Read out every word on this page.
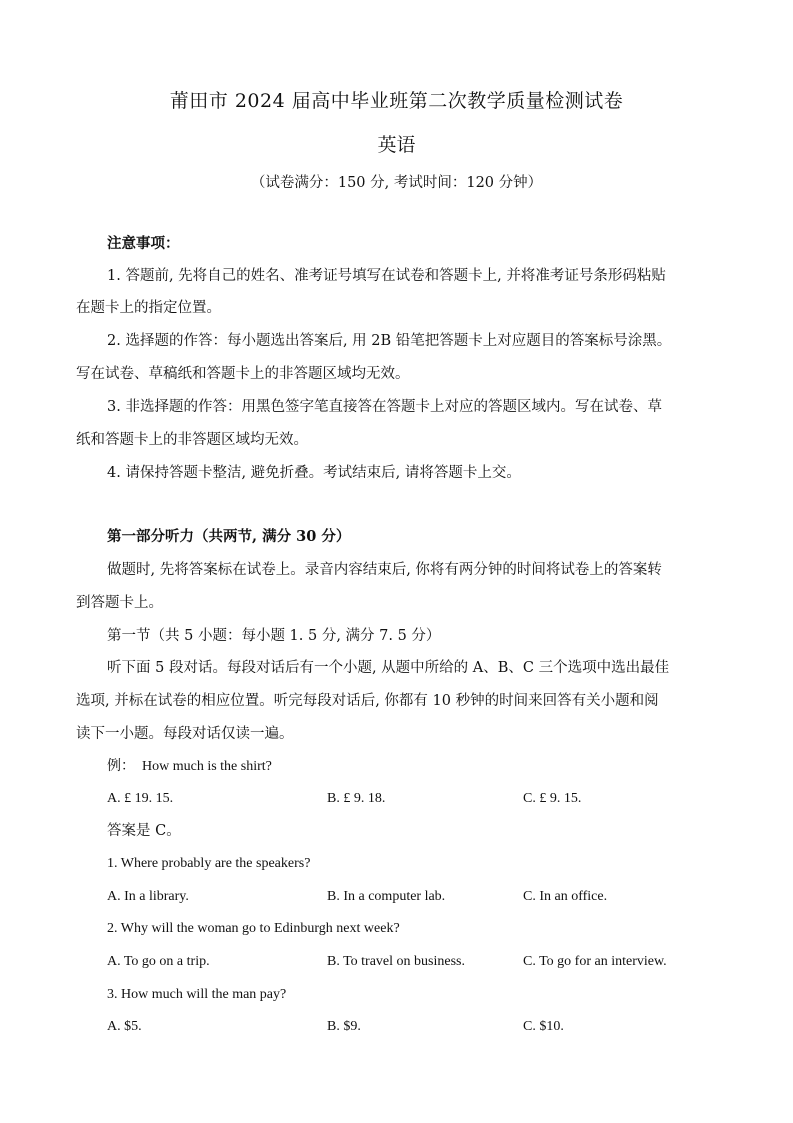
莆田市 2024 届高中毕业班第二次教学质量检测试卷
英语
（试卷满分：150 分, 考试时间：120 分钟）
注意事项：
1. 答题前, 先将自己的姓名、准考证号填写在试卷和答题卡上, 并将准考证号条形码粘贴
在题卡上的指定位置。
2. 选择题的作答：每小题选出答案后, 用 2B 铅笔把答题卡上对应题目的答案标号涂黑。
写在试卷、草稿纸和答题卡上的非答题区域均无效。
3. 非选择题的作答：用黑色签字笔直接答在答题卡上对应的答题区域内。写在试卷、草
纸和答题卡上的非答题区域均无效。
4. 请保持答题卡整洁, 避免折叠。考试结束后, 请将答题卡上交。
第一部分听力（共两节, 满分 30 分）
做题时, 先将答案标在试卷上。录音内容结束后, 你将有两分钟的时间将试卷上的答案转
到答题卡上。
第一节（共 5 小题：每小题 1. 5 分, 满分 7. 5 分）
听下面 5 段对话。每段对话后有一个小题, 从题中所给的 A、B、C 三个选项中选出最佳
选项, 并标在试卷的相应位置。听完每段对话后, 你都有 10 秒钟的时间来回答有关小题和阅
读下一小题。每段对话仅读一遍。
例： How much is the shirt?
A. £ 19. 15.	B. £ 9. 18.	C. £ 9. 15.
答案是 C。
1. Where probably are the speakers?
A. In a library.	B. In a computer lab.	C. In an office.
2. Why will the woman go to Edinburgh next week?
A. To go on a trip.	B. To travel on business.	C. To go for an interview.
3. How much will the man pay?
A. $5.	B. $9.	C. $10.
